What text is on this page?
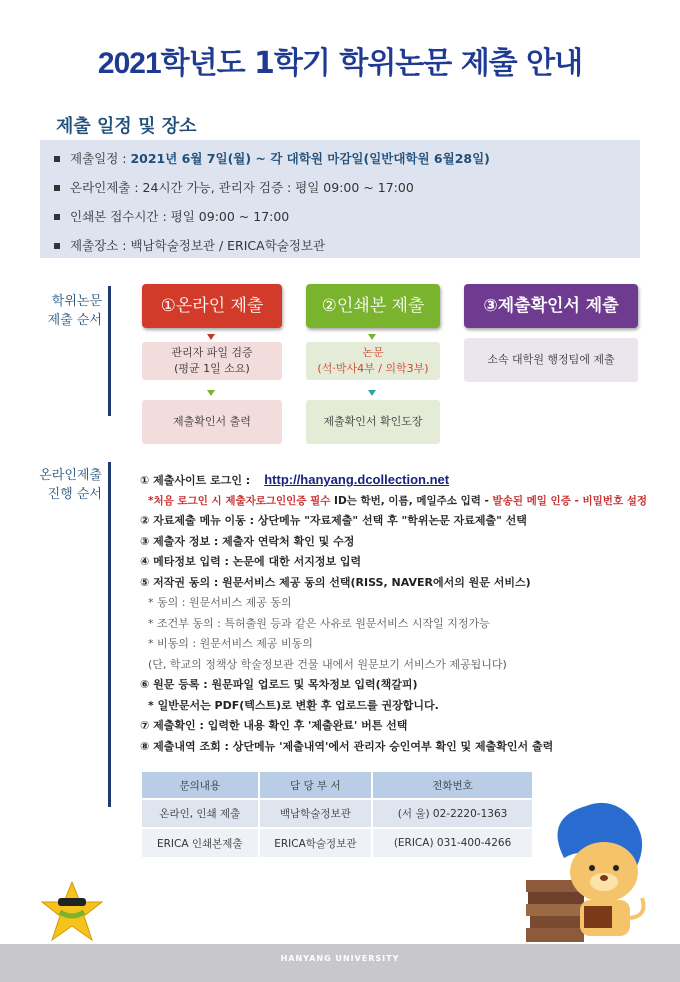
2021학년도 1학기 학위논문 제출 안내
제출 일정 및 장소
제출일정 : 2021년 6월 7일(월) ~ 각 대학원 마감일(일반대학원 6월28일)
온라인제출 : 24시간 가능, 관리자 검증 : 평일 09:00 ~ 17:00
인쇄본 접수시간 : 평일 09:00 ~ 17:00
제출장소 : 백남학술정보관 / ERICA학술정보관
학위논문
제출 순서
①온라인 제출	②인쇄본 제출	③제출확인서 제출
관리자 파일 검증
(평균 1일 소요)
논문
(석·박사4부 / 의학3부)
소속 대학원 행정팀에 제출
제출확인서 출력	제출확인서 확인도장
온라인제출
진행 순서
① 제출사이트 로그인 : http://hanyang.dcollection.net
*처음 로그인 시 제출자로그인인증 필수 ID는 학번, 이름, 메일주소 입력 - 발송된 메일 인증 - 비밀번호 설정
② 자료제출 메뉴 이동 : 상단메뉴 "자료제출" 선택 후 "학위논문 자료제출" 선택
③ 제출자 정보 : 제출자 연락처 확인 및 수정
④ 메타정보 입력 : 논문에 대한 서지정보 입력
⑤ 저작권 동의 : 원문서비스 제공 동의 선택(RISS, NAVER에서의 원문 서비스)
* 동의 : 원문서비스 제공 동의
* 조건부 동의 : 특허출원 등과 같은 사유로 원문서비스 시작일 지정가능
* 비동의 : 원문서비스 제공 비동의
(단, 학교의 정책상 학술정보관 건물 내에서 원문보기 서비스가 제공됩니다)
⑥ 원문 등록 : 원문파일 업로드 및 목차정보 입력(책갈피)
* 일반문서는 PDF(텍스트)로 변환 후 업로드를 권장합니다.
⑦ 제출확인 : 입력한 내용 확인 후 '제출완료' 버튼 선택
⑧ 제출내역 조회 : 상단메뉴 '제출내역'에서 관리자 승인여부 확인 및 제출확인서 출력
문의내용	담 당 부 서	전화번호
온라인, 인쇄 제출	백남학술정보관	(서 울) 02-2220-1363
ERICA 인쇄본제출	ERICA학술정보관	(ERICA) 031-400-4266
HANYANG UNIVERSITY
